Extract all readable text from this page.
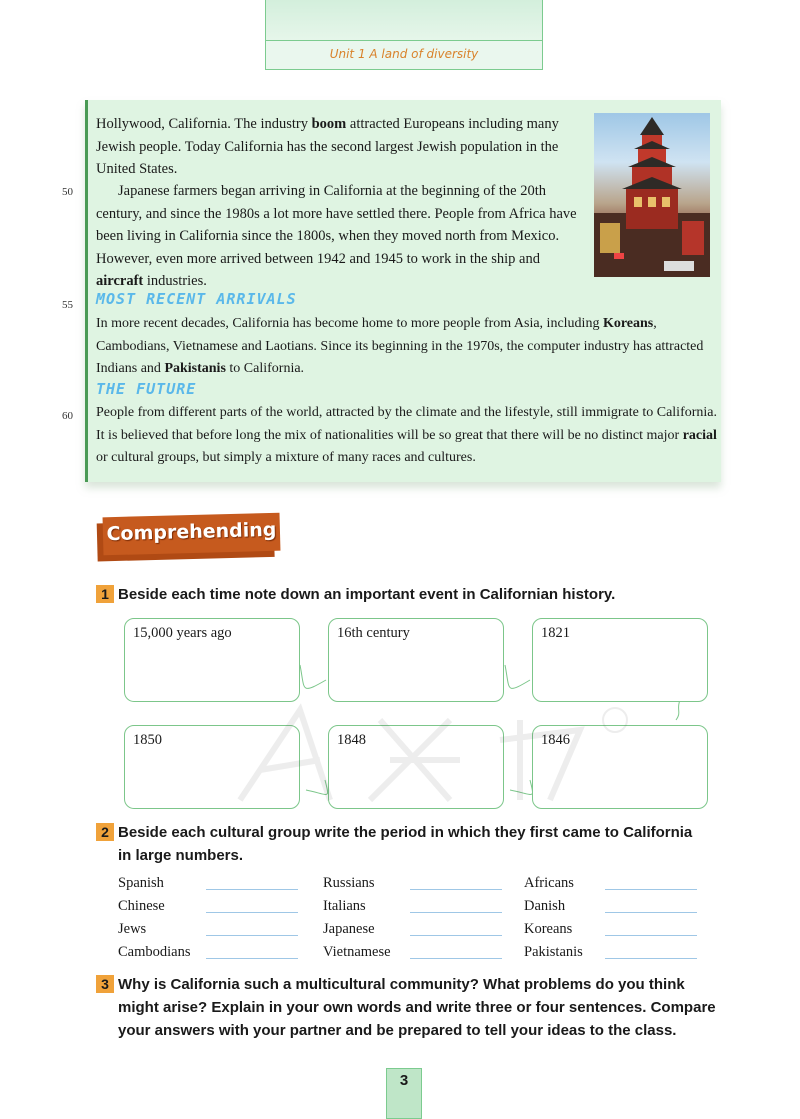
Unit 1 A land of diversity
50
55
60
Hollywood, California. The industry boom attracted Europeans including many Jewish people. Today California has the second largest Jewish population in the United States.
Japanese farmers began arriving in California at the beginning of the 20th century, and since the 1980s a lot more have settled there. People from Africa have been living in California since the 1800s, when they moved north from Mexico. However, even more arrived between 1942 and 1945 to work in the ship and aircraft industries.
MOST RECENT ARRIVALS
In more recent decades, California has become home to more people from Asia, including Koreans, Cambodians, Vietnamese and Laotians. Since its beginning in the 1970s, the computer industry has attracted Indians and Pakistanis to California.
THE FUTURE
People from different parts of the world, attracted by the climate and the lifestyle, still immigrate to California. It is believed that before long the mix of nationalities will be so great that there will be no distinct major racial or cultural groups, but simply a mixture of many races and cultures.
Comprehending
1 Beside each time note down an important event in Californian history.
15,000 years ago	16th century	1821
1850	1848	1846
2 Beside each cultural group write the period in which they first came to California
in large numbers.
Spanish	Russians	Africans
Chinese	Italians	Danish
Jews	Japanese	Koreans
Cambodians	Vietnamese	Pakistanis
3 Why is California such a multicultural community? What problems do you think
might arise? Explain in your own words and write three or four sentences. Compare
your answers with your partner and be prepared to tell your ideas to the class.
3
